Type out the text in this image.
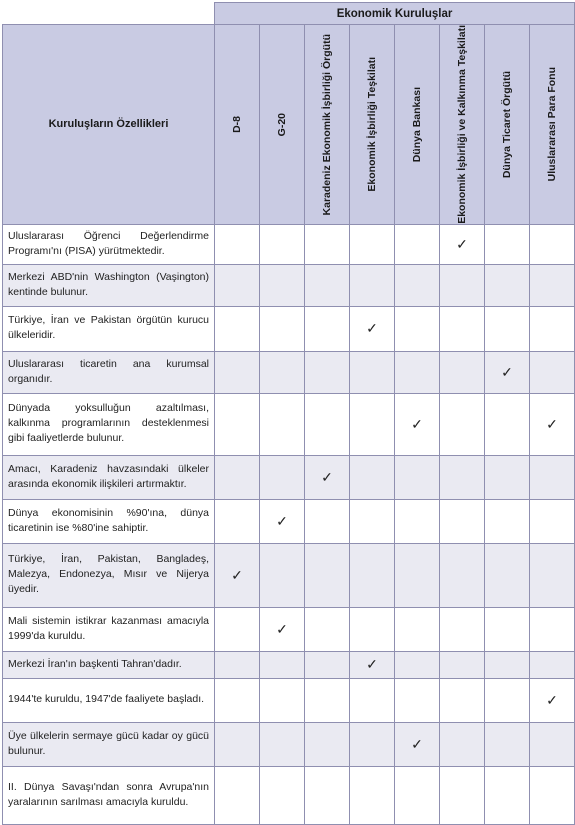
	Ekonomik Kuruluşlar							
Kuruluşların Özellikleri	D-8	G-20	Karadeniz Ekonomik İşbirliği Örgütü	Ekonomik İşbirliği Teşkilatı	Dünya Bankası	Ekonomik İşbirliği ve Kalkınma Teşkilatı	Dünya Ticaret Örgütü	Uluslararası Para Fonu

Uluslararası Öğrenci Değerlendirme Programı'nı (PISA) yürütmektedir.						✓		
Merkezi ABD'nin Washington (Vaşington) kentinde bulunur.								
Türkiye, İran ve Pakistan örgütün kurucu ülkeleridir.				✓				
Uluslararası ticaretin ana kurumsal organıdır.							✓	
Dünyada yoksulluğun azaltılması, kalkınma programlarının desteklenmesi gibi faaliyetlerde bulunur.					✓			✓
Amacı, Karadeniz havzasındaki ülkeler arasında ekonomik ilişkileri artırmaktır.			✓					
Dünya ekonomisinin %90'ına, dünya ticaretinin ise %80'ine sahiptir.		✓						
Türkiye, İran, Pakistan, Bangladeş, Malezya, Endonezya, Mısır ve Nijerya üyedir.	✓							
Mali sistemin istikrar kazanması amacıyla 1999'da kuruldu.		✓						
Merkezi İran'ın başkenti Tahran'dadır.				✓				
1944'te kuruldu, 1947'de faaliyete başladı.								✓
Üye ülkelerin sermaye gücü kadar oy gücü bulunur.					✓			
II. Dünya Savaşı'ndan sonra Avrupa'nın yaralarının sarılması amacıyla kuruldu.								
